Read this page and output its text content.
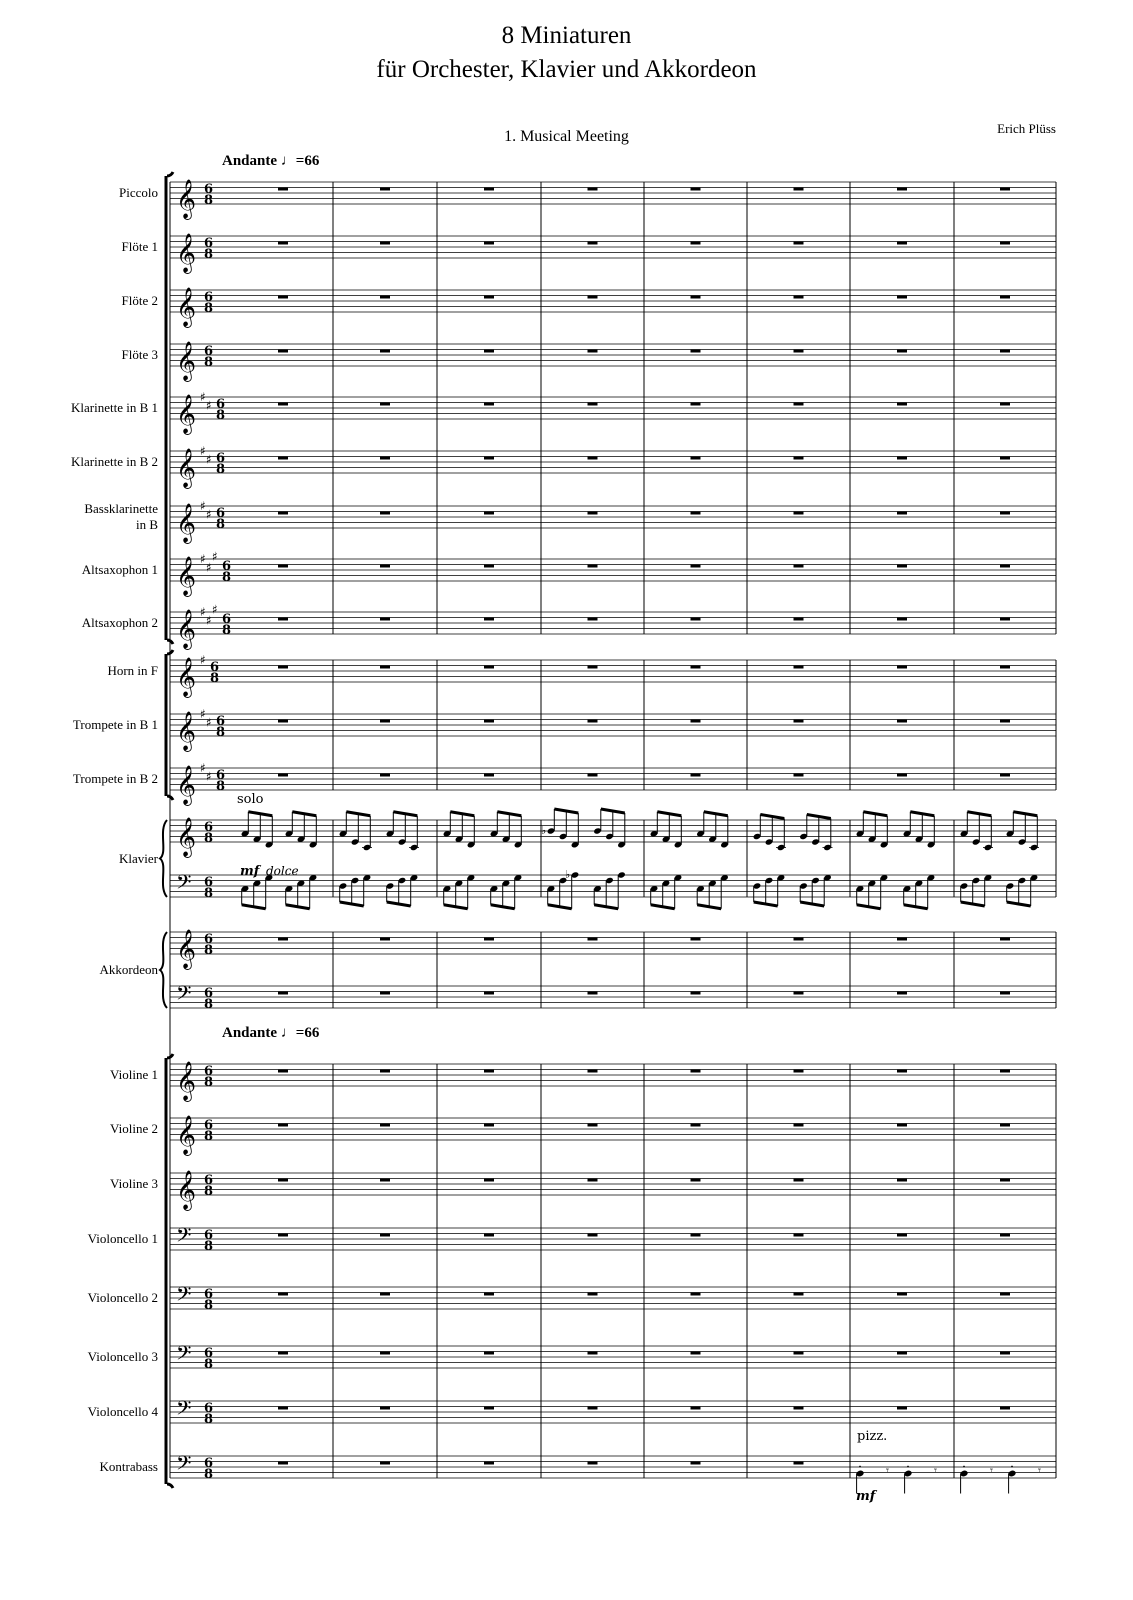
8 Miniaturen
für Orchester, Klavier und Akkordeon
1. Musical Meeting	Erich Plüss
Andante ♩=66
Andante ♩=66
Piccolo
Flöte 1
Flöte 2
Flöte 3
Klarinette in B 1
Klarinette in B 2
Bassklarinette
in B
Altsaxophon 1
Altsaxophon 2
Horn in F
Trompete in B 1
Trompete in B 2
Klavier
Akkordeon
Violine 1
Violine 2
Violine 3
Violoncello 1
Violoncello 2
Violoncello 3
Violoncello 4
Kontrabass
𝄞 6
8
𝄞 6
8
𝄞 6
8
𝄞 6
8
𝄞 ♯
♯ 6
8
𝄞 ♯
♯ 6
8
𝄞 ♯
♯ 6
8
𝄞 ♯
♯
♯
6
8
𝄞 ♯
♯
♯
6
8
𝄞 ♯ 6
8
𝄞 ♯
♯ 6
8
𝄞 ♯
♯ 6
8
𝄞 6
8
𝄢 6
8
𝄞 6
8
𝄢 6
8
𝄞 6
8
𝄞 6
8
𝄞 6
8
𝄢 6
8
𝄢 6
8
𝄢 6
8
𝄢 6
8
𝄢 6
8
♭
♭
solo
mf dolce
pizz.
mf
𝄾	𝄾	𝄾	𝄾
